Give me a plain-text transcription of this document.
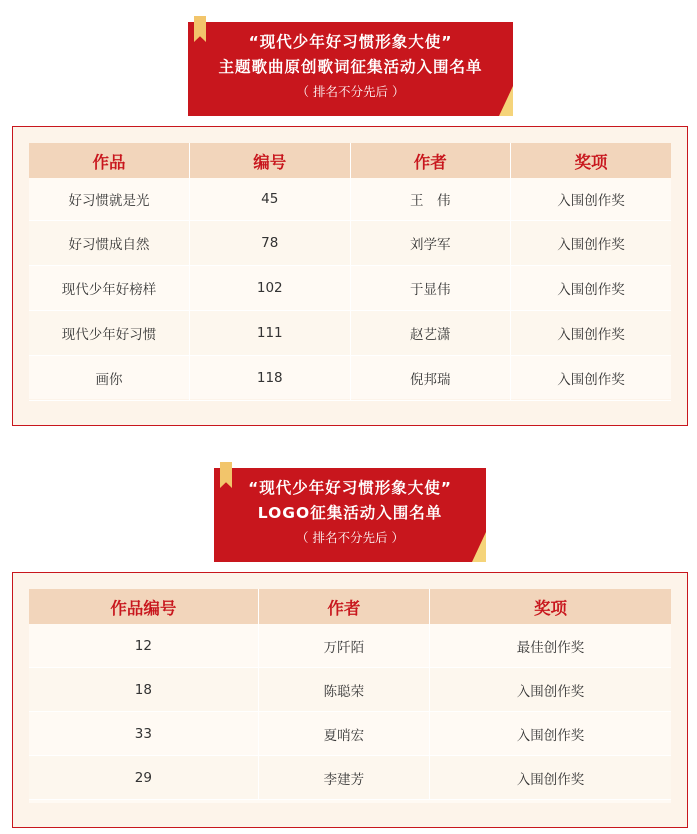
“现代少年好习惯形象大使”
主题歌曲原创歌词征集活动入围名单
（ 排名不分先后 ）
作品	编号	作者	奖项
好习惯就是光	45	王　伟	入围创作奖
好习惯成自然	78	刘学军	入围创作奖
现代少年好榜样	102	于显伟	入围创作奖
现代少年好习惯	111	赵艺潇	入围创作奖
画你	118	倪邦瑞	入围创作奖
“现代少年好习惯形象大使”
LOGO征集活动入围名单
（ 排名不分先后 ）
作品编号	作者	奖项
12	万阡陌	最佳创作奖
18	陈聪荣	入围创作奖
33	夏哨宏	入围创作奖
29	李建芳	入围创作奖
